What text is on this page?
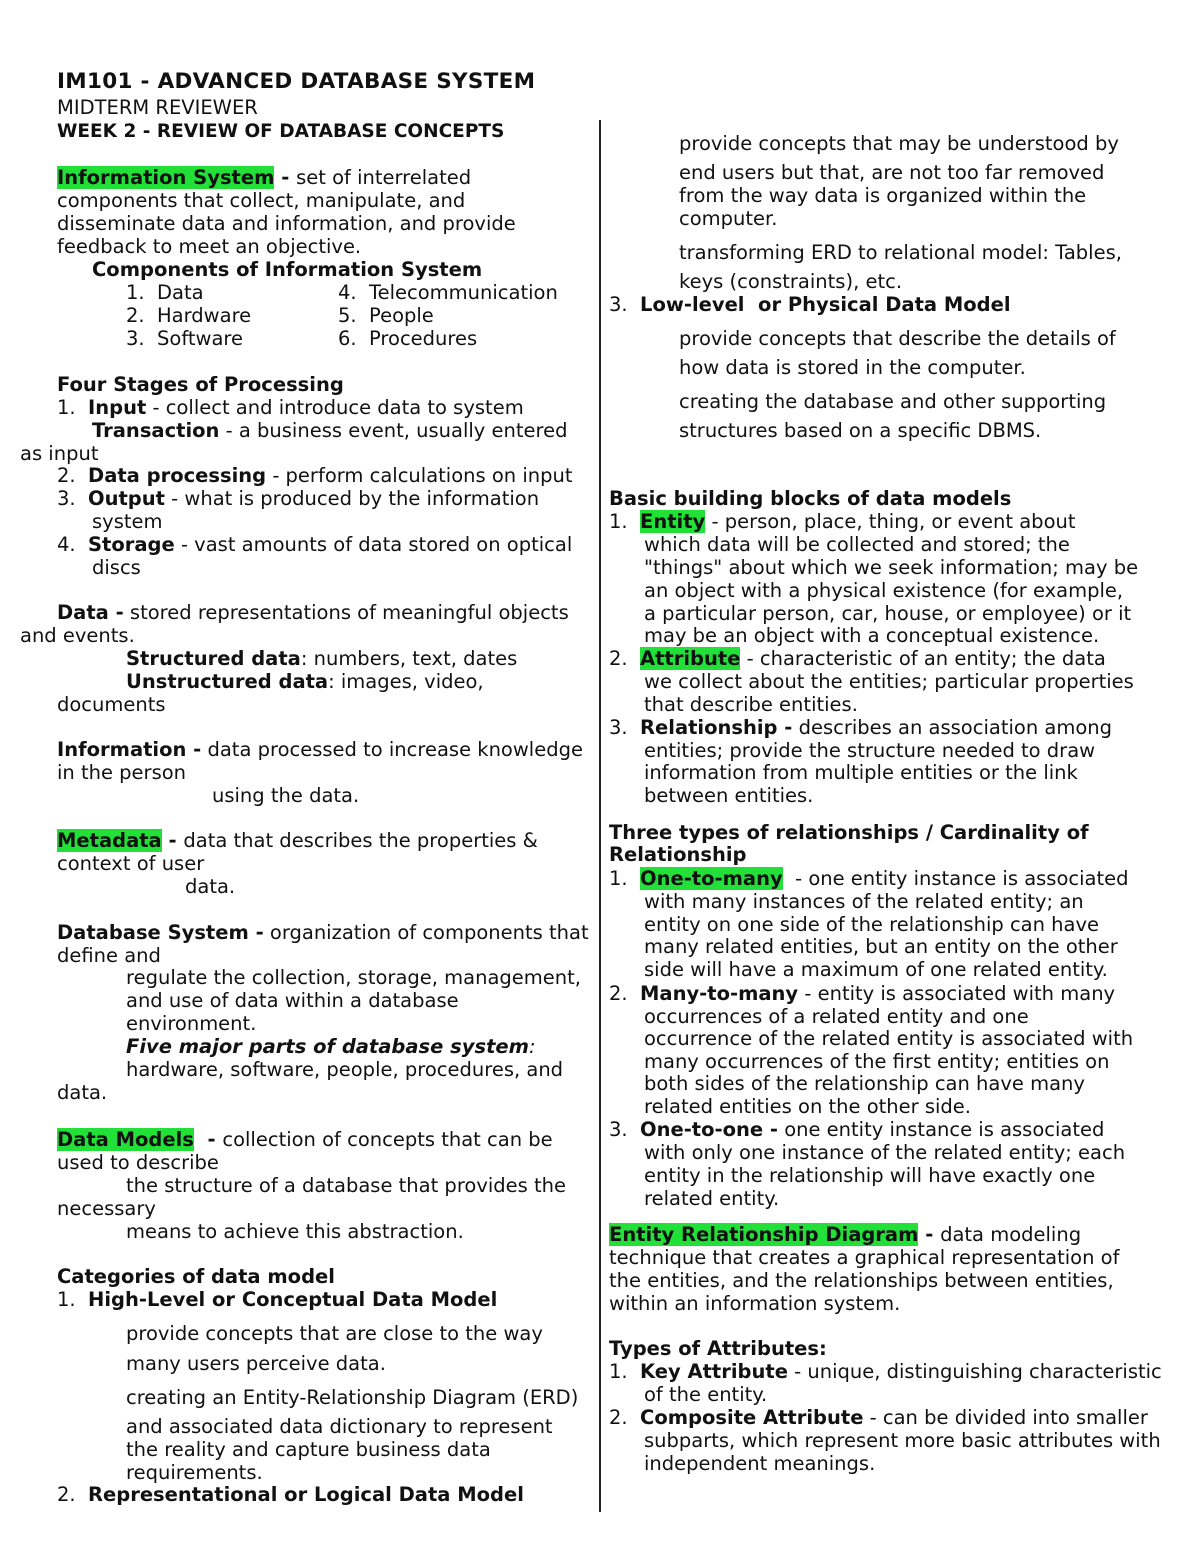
IM101 - ADVANCED DATABASE SYSTEM
MIDTERM REVIEWER
WEEK 2 - REVIEW OF DATABASE CONCEPTS
Information System - set of interrelated
components that collect, manipulate, and
disseminate data and information, and provide
feedback to meet an objective.
Components of Information System
1.  Data
2.  Hardware
3.  Software
4.  Telecommunication
5.  People
6.  Procedures
Four Stages of Processing
1.  Input - collect and introduce data to system
Transaction - a business event, usually entered
as input
2.  Data processing - perform calculations on input
3.  Output - what is produced by the information
system
4.  Storage - vast amounts of data stored on optical
discs
Data - stored representations of meaningful objects
and events.
Structured data: numbers, text, dates
Unstructured data: images, video,
documents
Information - data processed to increase knowledge
in the person
using the data.
Metadata - data that describes the properties &
context of user
data.
Database System - organization of components that
define and
regulate the collection, storage, management,
and use of data within a database
environment.
Five major parts of database system:
hardware, software, people, procedures, and
data.
Data Models  - collection of concepts that can be
used to describe
the structure of a database that provides the
necessary
means to achieve this abstraction.
Categories of data model
1.  High-Level or Conceptual Data Model
provide concepts that are close to the way
many users perceive data.
creating an Entity-Relationship Diagram (ERD)
and associated data dictionary to represent
the reality and capture business data
requirements.
2.  Representational or Logical Data Model
provide concepts that may be understood by
end users but that, are not too far removed
from the way data is organized within the
computer.
transforming ERD to relational model: Tables,
keys (constraints), etc.
3.  Low-level  or Physical Data Model
provide concepts that describe the details of
how data is stored in the computer.
creating the database and other supporting
structures based on a specific DBMS.
Basic building blocks of data models
1.  Entity - person, place, thing, or event about
which data will be collected and stored; the
"things" about which we seek information; may be
an object with a physical existence (for example,
a particular person, car, house, or employee) or it
may be an object with a conceptual existence.
2.  Attribute - characteristic of an entity; the data
we collect about the entities; particular properties
that describe entities.
3.  Relationship - describes an association among
entities; provide the structure needed to draw
information from multiple entities or the link
between entities.
Three types of relationships / Cardinality of
Relationship
1.  One-to-many  - one entity instance is associated
with many instances of the related entity; an
entity on one side of the relationship can have
many related entities, but an entity on the other
side will have a maximum of one related entity.
2.  Many-to-many - entity is associated with many
occurrences of a related entity and one
occurrence of the related entity is associated with
many occurrences of the first entity; entities on
both sides of the relationship can have many
related entities on the other side.
3.  One-to-one - one entity instance is associated
with only one instance of the related entity; each
entity in the relationship will have exactly one
related entity.
Entity Relationship Diagram - data modeling
technique that creates a graphical representation of
the entities, and the relationships between entities,
within an information system.
Types of Attributes:
1.  Key Attribute - unique, distinguishing characteristic
of the entity.
2.  Composite Attribute - can be divided into smaller
subparts, which represent more basic attributes with
independent meanings.
